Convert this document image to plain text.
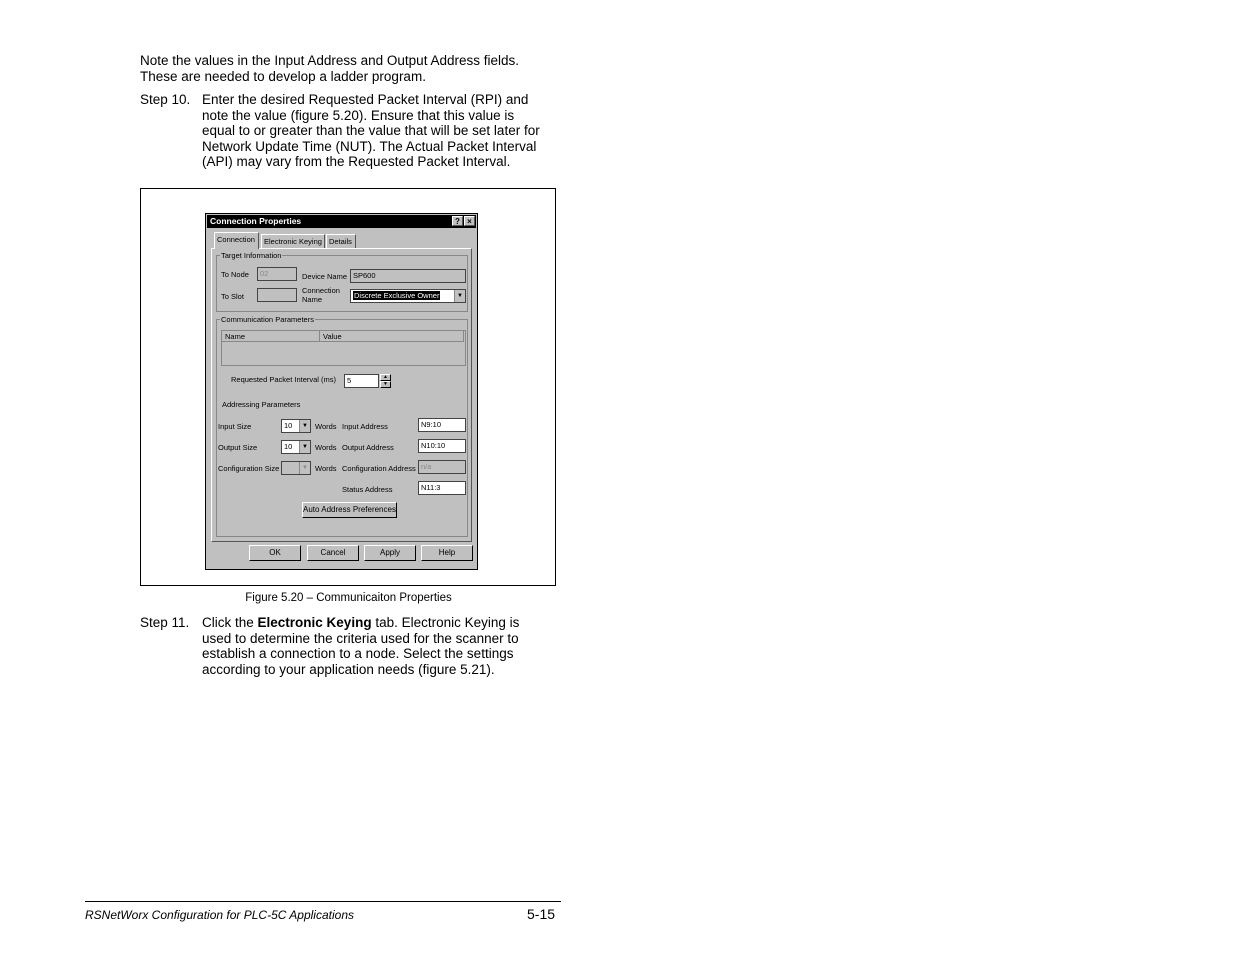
Note the values in the Input Address and Output Address fields.
These are needed to develop a ladder program.
Step 10. Enter the desired Requested Packet Interval (RPI) and
note the value (figure 5.20). Ensure that this value is
equal to or greater than the value that will be set later for
Network Update Time (NUT). The Actual Packet Interval
(API) may vary from the Requested Packet Interval.
Connection Properties	? ×
Connection	Electronic Keying Details
Target Information
To Node	02
To Slot
Device Name SP600
Connection
Name	Discrete Exclusive Owner	▼
Communication Parameters
Name	Value
Requested Packet Interval (ms)	5	▲
▼
Addressing Parameters
Input Size	10	▼ Words Input Address	N9:10
Output Size	10	▼ Words Output Address	N10:10
Configuration Size	▼ Words Configuration Address n/a
Status Address	N11:3
Auto Address Preferences
OK	Cancel	Apply	Help
Figure 5.20 – Communicaiton Properties
Step 11. Click the Electronic Keying tab. Electronic Keying is
used to determine the criteria used for the scanner to
establish a connection to a node. Select the settings
according to your application needs (figure 5.21).
RSNetWorx Configuration for PLC-5C Applications	5-15
